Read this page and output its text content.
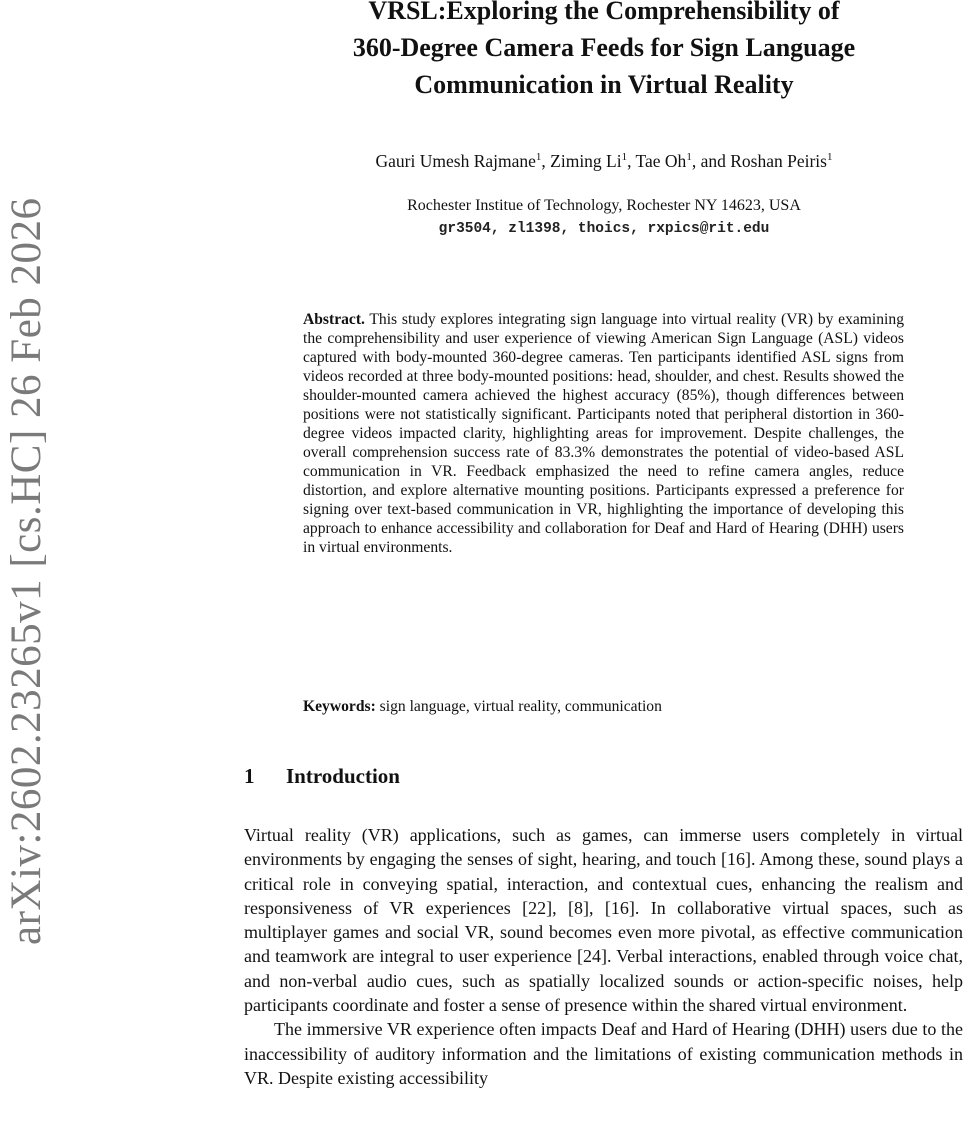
arXiv:2602.23265v1 [cs.HC] 26 Feb 2026
VRSL:Exploring the Comprehensibility of
360-Degree Camera Feeds for Sign Language
Communication in Virtual Reality
Gauri Umesh Rajmane$^1$, Ziming Li$^1$, Tae Oh$^1$, and Roshan Peiris$^1$
Rochester Institue of Technology, Rochester NY 14623, USA
gr3504, zl1398, thoics, rxpics@rit.edu

Abstract. This study explores integrating sign language into virtual reality (VR) by examining the comprehensibility and user experience of viewing American Sign Language (ASL) videos captured with body-mounted 360-degree cameras. Ten participants identified ASL signs from videos recorded at three body-mounted positions: head, shoulder, and chest. Results showed the shoulder-mounted camera achieved the highest accuracy (85%), though differences between positions were not statistically significant. Participants noted that peripheral distortion in 360-degree videos impacted clarity, highlighting areas for improvement. Despite challenges, the overall comprehension success rate of 83.3% demonstrates the potential of video-based ASL communication in VR. Feedback emphasized the need to refine camera angles, reduce distortion, and explore alternative mounting positions. Participants expressed a preference for signing over text-based communication in VR, highlighting the importance of developing this approach to enhance accessibility and collaboration for Deaf and Hard of Hearing (DHH) users in virtual environments.

Keywords: sign language, virtual reality, communication

1 Introduction

Virtual reality (VR) applications, such as games, can immerse users completely in virtual environments by engaging the senses of sight, hearing, and touch [16]. Among these, sound plays a critical role in conveying spatial, interaction, and contextual cues, enhancing the realism and responsiveness of VR experiences [22], [8], [16]. In collaborative virtual spaces, such as multiplayer games and social VR, sound becomes even more pivotal, as effective communication and teamwork are integral to user experience [24]. Verbal interactions, enabled through voice chat, and non-verbal audio cues, such as spatially localized sounds or action-specific noises, help participants coordinate and foster a sense of presence within the shared virtual environment.

The immersive VR experience often impacts Deaf and Hard of Hearing (DHH) users due to the inaccessibility of auditory information and the limitations of existing communication methods in VR. Despite existing accessibility
